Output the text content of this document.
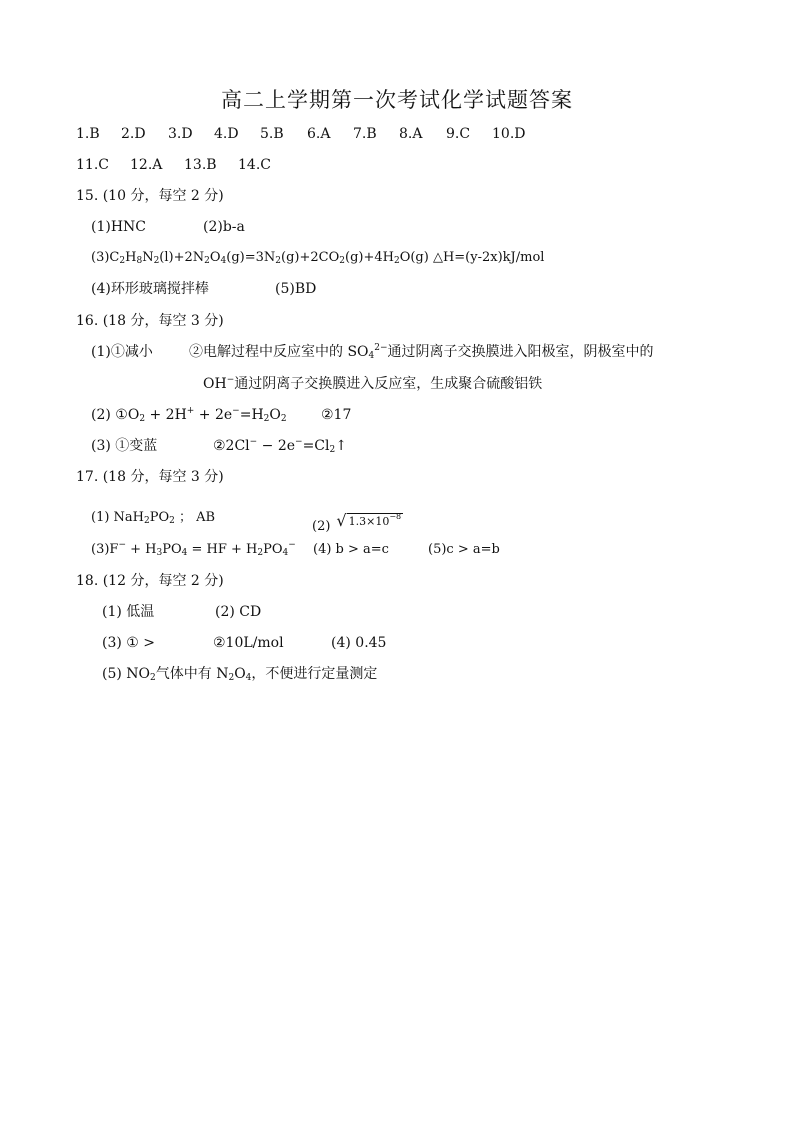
高二上学期第一次考试化学试题答案
1.B 2.D 3.D 4.D 5.B 6.A 7.B 8.A 9.C 10.D
11.C 12.A 13.B 14.C
15. (10 分，每空 2 分)
(1)HNC	(2)b-a
$(3)C_2H_8N_2(l)+2N_2O_4(g)=3N_2(g)+2CO_2(g)+4H_2O(g)$ △H=(y-2x)kJ/mol
(4)环形玻璃搅拌棒	(5)BD
16. (18 分，每空 3 分)
(1)①减小	②电解过程中反应室中的 $SO_4^{2-}$通过阴离子交换膜进入阳极室，阴极室中的
OH−通过阴离子交换膜进入反应室，生成聚合硫酸铝铁
(2) $①O_2 + 2H^+ + 2e^-=H_2O_2$ ②17
(3) ①变蓝	②2Cl− − $2e^-=Cl_2↑$
17. (18 分，每空 3 分)
(1) $NaH_2PO_2$ ； AB
(2) √ $1.3\times 10^{-8}$
$(3)F^- + H_3PO_4$ = HF + $H_2PO_4^-$ (4) b > a=c	(5)c > a=b
18. (12 分，每空 2 分)
(1) 低温	(2) CD
(3) ① >	②10L/mol	(4) 0.45
(5) $NO_2$气体中有 $N_2O_4$，不便进行定量测定
